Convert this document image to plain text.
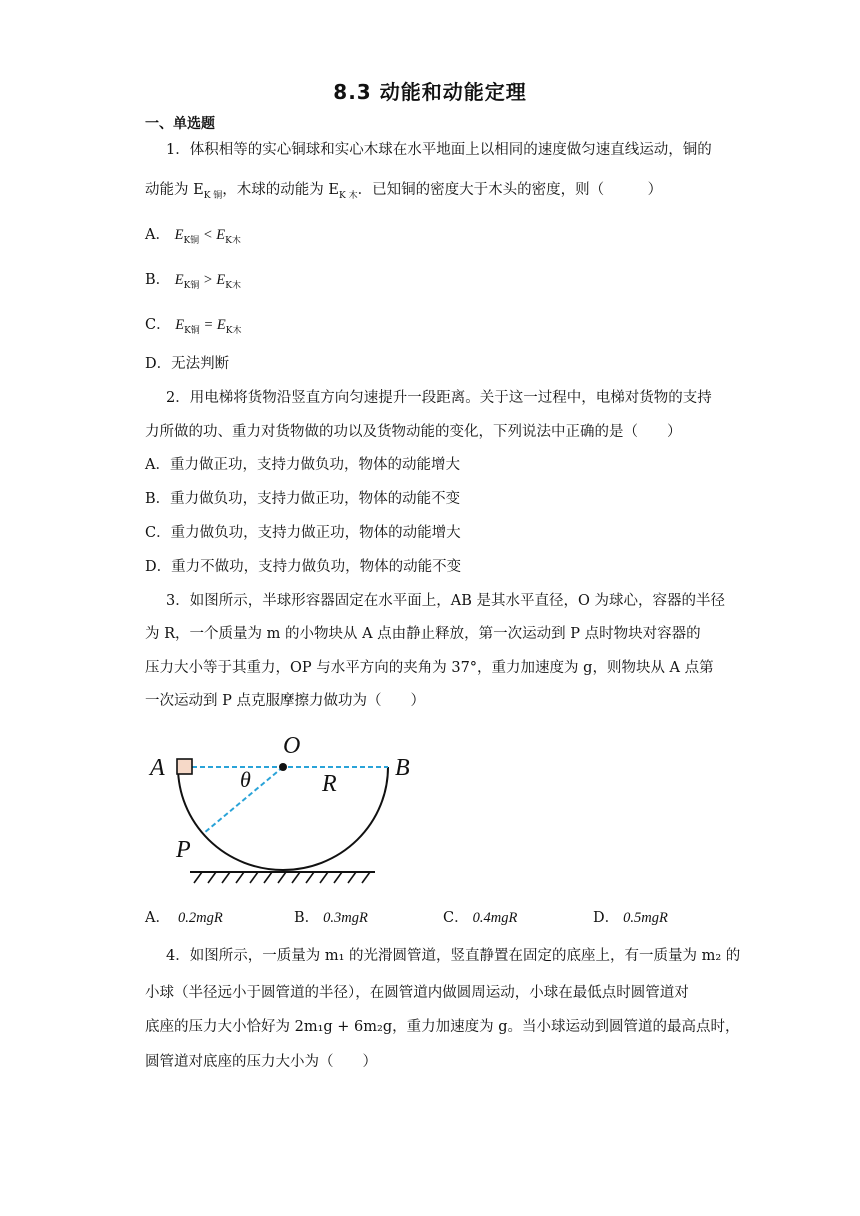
8.3 动能和动能定理
一、单选题
1．体积相等的实心铜球和实心木球在水平地面上以相同的速度做匀速直线运动，铜的
动能为 $E_{K 铜}$，木球的动能为 $E_{K 木}$．已知铜的密度大于木头的密度，则（　　　）
A． $E_{K铜} < E_{K木}$
B． $E_{K铜} > E_{K木}$
C． $E_{K铜} = E_{K木}$
D．无法判断
2．用电梯将货物沿竖直方向匀速提升一段距离。关于这一过程中，电梯对货物的支持
力所做的功、重力对货物做的功以及货物动能的变化，下列说法中正确的是（　　）
A．重力做正功，支持力做负功，物体的动能增大
B．重力做负功，支持力做正功，物体的动能不变
C．重力做负功，支持力做正功，物体的动能增大
D．重力不做功，支持力做负功，物体的动能不变
3．如图所示，半球形容器固定在水平面上，AB 是其水平直径，O 为球心，容器的半径
为 R，一个质量为 m 的小物块从 A 点由静止释放，第一次运动到 P 点时物块对容器的
压力大小等于其重力，OP 与水平方向的夹角为 37°，重力加速度为 g，则物块从 A 点第
一次运动到 P 点克服摩擦力做功为（　　）
A
O
B
θ	R
P
A． 0.2mgR	B． 0.3mgR	C． 0.4mgR	D． 0.5mgR
4．如图所示，一质量为 m₁ 的光滑圆管道，竖直静置在固定的底座上，有一质量为 m₂ 的
小球（半径远小于圆管道的半径），在圆管道内做圆周运动，小球在最低点时圆管道对
底座的压力大小恰好为 2m₁g + 6m₂g，重力加速度为 g。当小球运动到圆管道的最高点时，
圆管道对底座的压力大小为（　　）
